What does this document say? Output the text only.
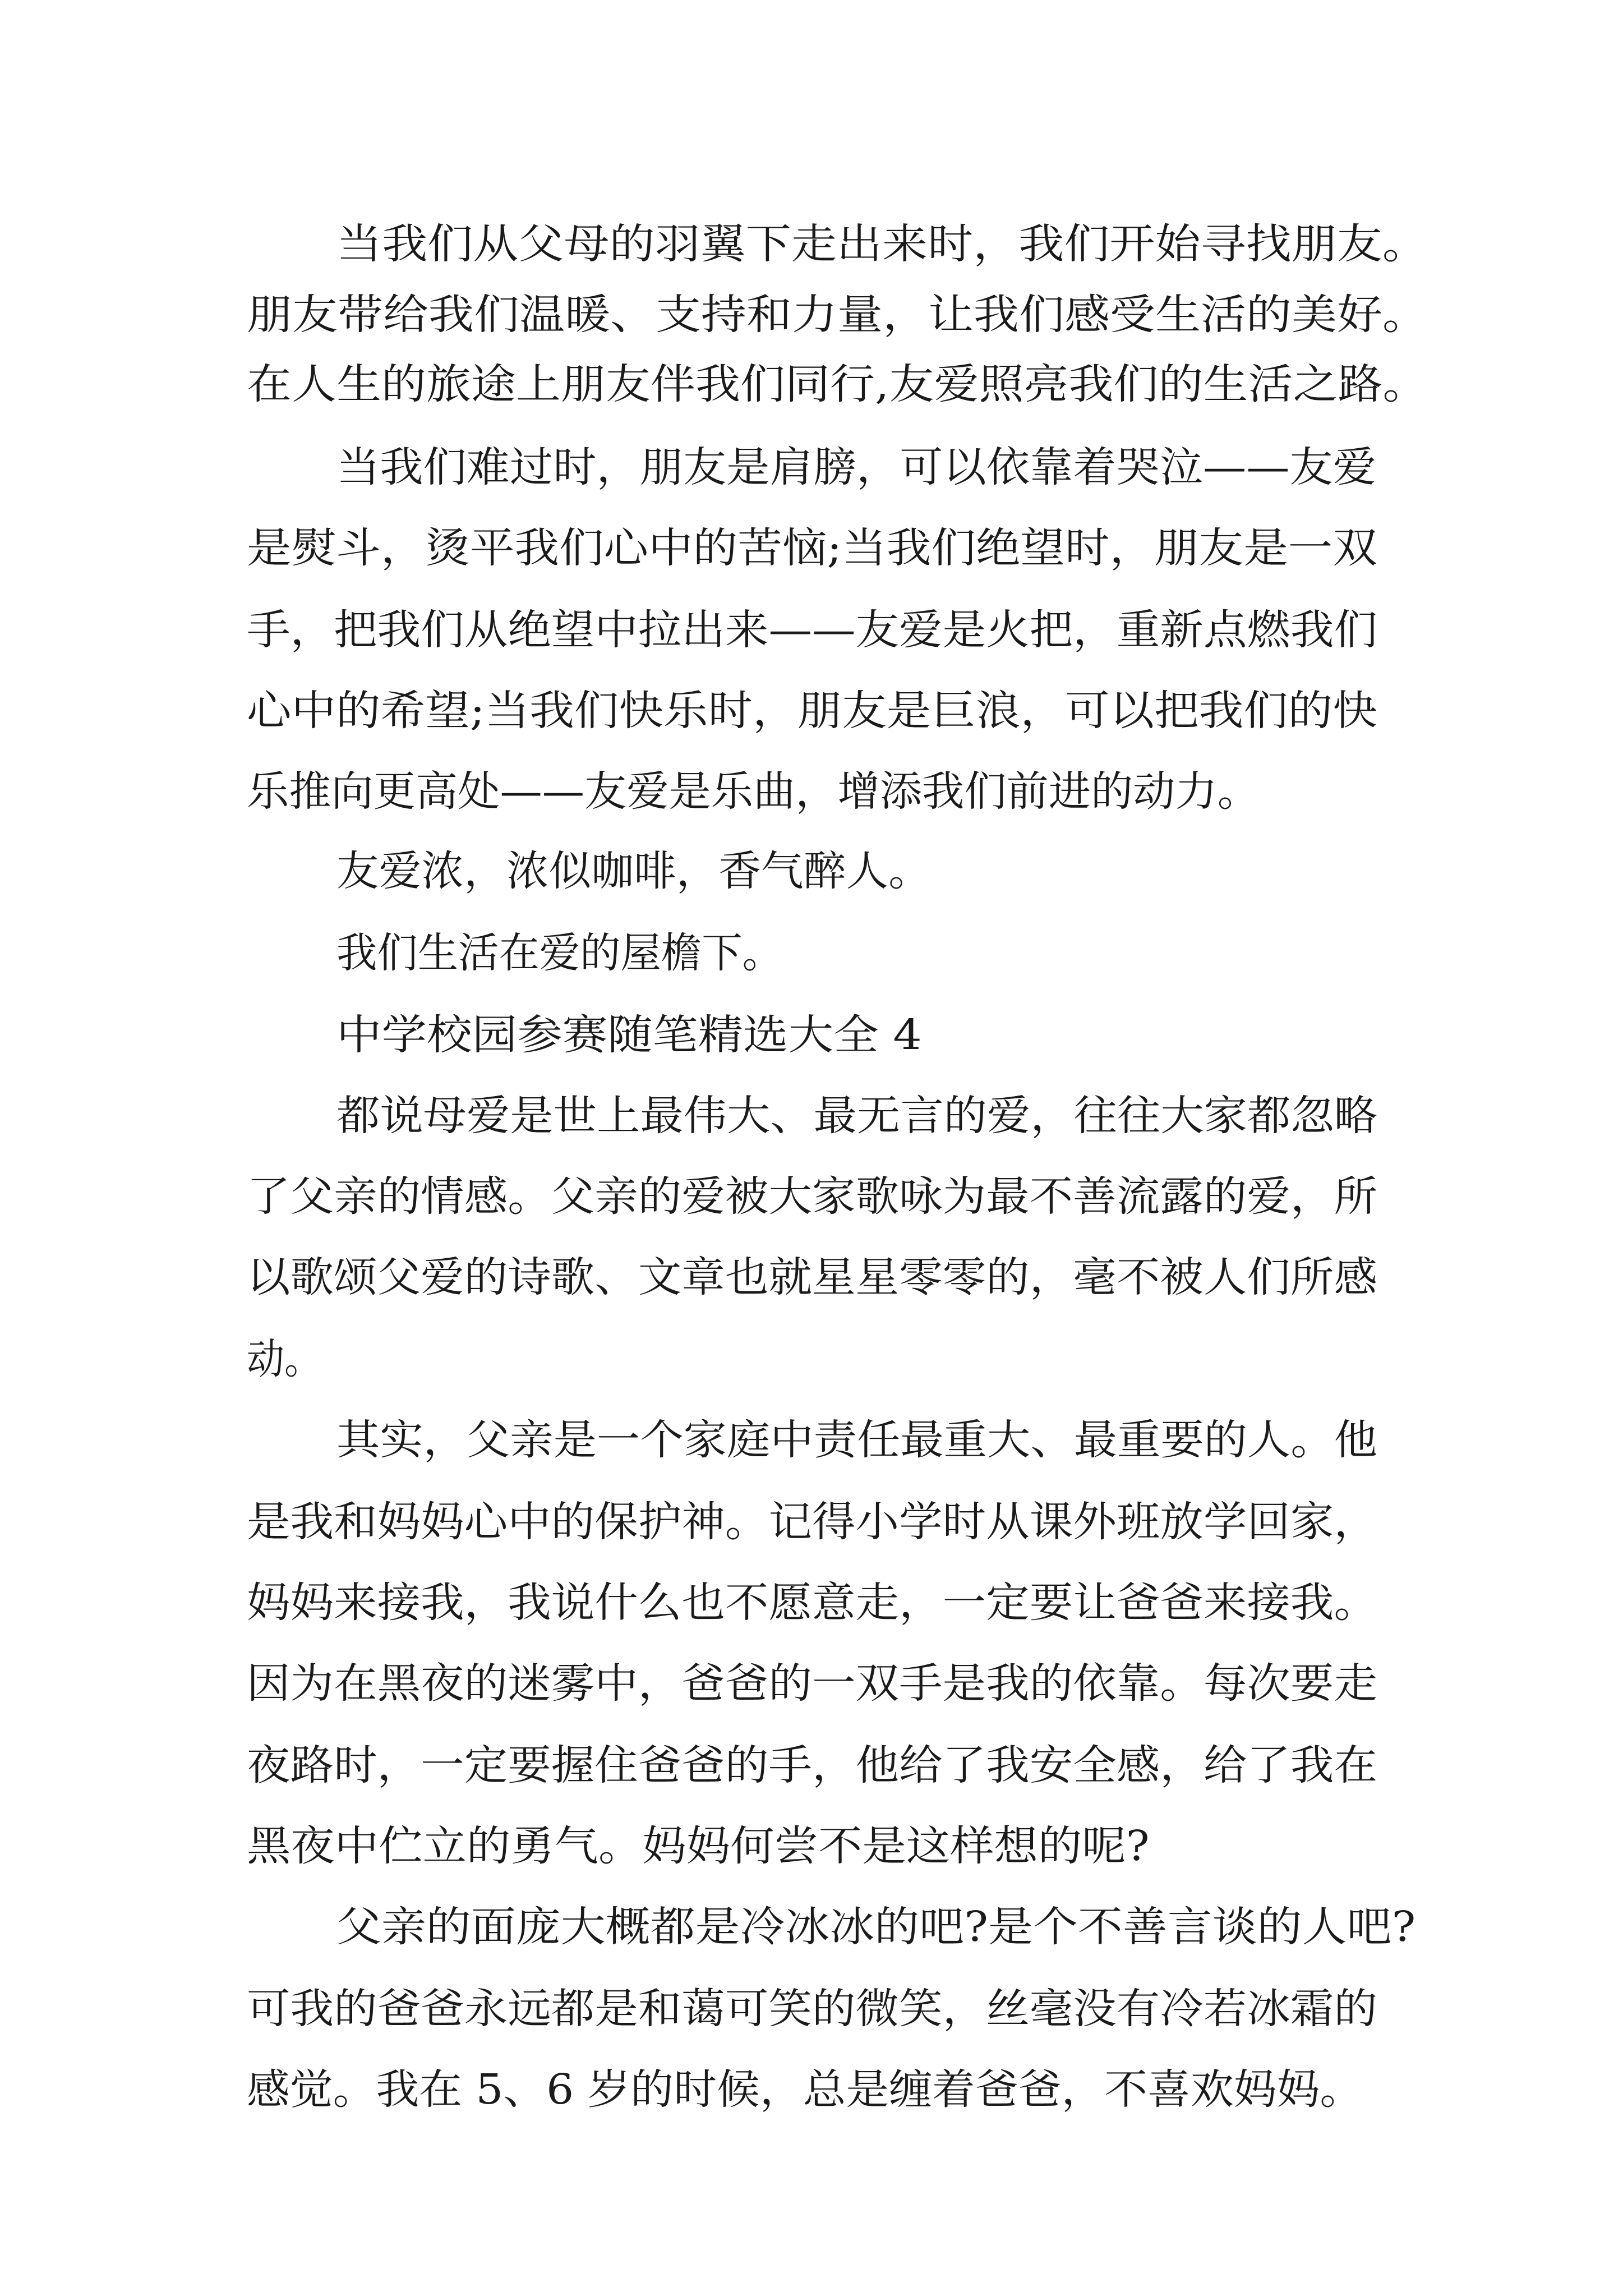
当我们从父母的羽翼下走出来时，我们开始寻找朋友。

朋友带给我们温暖、支持和力量，让我们感受生活的美好。

在人生的旅途上朋友伴我们同行,友爱照亮我们的生活之路。

当我们难过时，朋友是肩膀，可以依靠着哭泣——友爱

是熨斗，烫平我们心中的苦恼;当我们绝望时，朋友是一双

手，把我们从绝望中拉出来——友爱是火把，重新点燃我们

心中的希望;当我们快乐时，朋友是巨浪，可以把我们的快

乐推向更高处——友爱是乐曲，增添我们前进的动力。

友爱浓，浓似咖啡，香气醉人。

我们生活在爱的屋檐下。

中学校园参赛随笔精选大全 4

都说母爱是世上最伟大、最无言的爱，往往大家都忽略

了父亲的情感。父亲的爱被大家歌咏为最不善流露的爱，所

以歌颂父爱的诗歌、文章也就星星零零的，毫不被人们所感

动。

其实，父亲是一个家庭中责任最重大、最重要的人。他

是我和妈妈心中的保护神。记得小学时从课外班放学回家，

妈妈来接我，我说什么也不愿意走，一定要让爸爸来接我。

因为在黑夜的迷雾中，爸爸的一双手是我的依靠。每次要走

夜路时，一定要握住爸爸的手，他给了我安全感，给了我在

黑夜中伫立的勇气。妈妈何尝不是这样想的呢?

父亲的面庞大概都是冷冰冰的吧?是个不善言谈的人吧?

可我的爸爸永远都是和蔼可笑的微笑，丝毫没有冷若冰霜的

感觉。我在 5、6 岁的时候，总是缠着爸爸，不喜欢妈妈。
